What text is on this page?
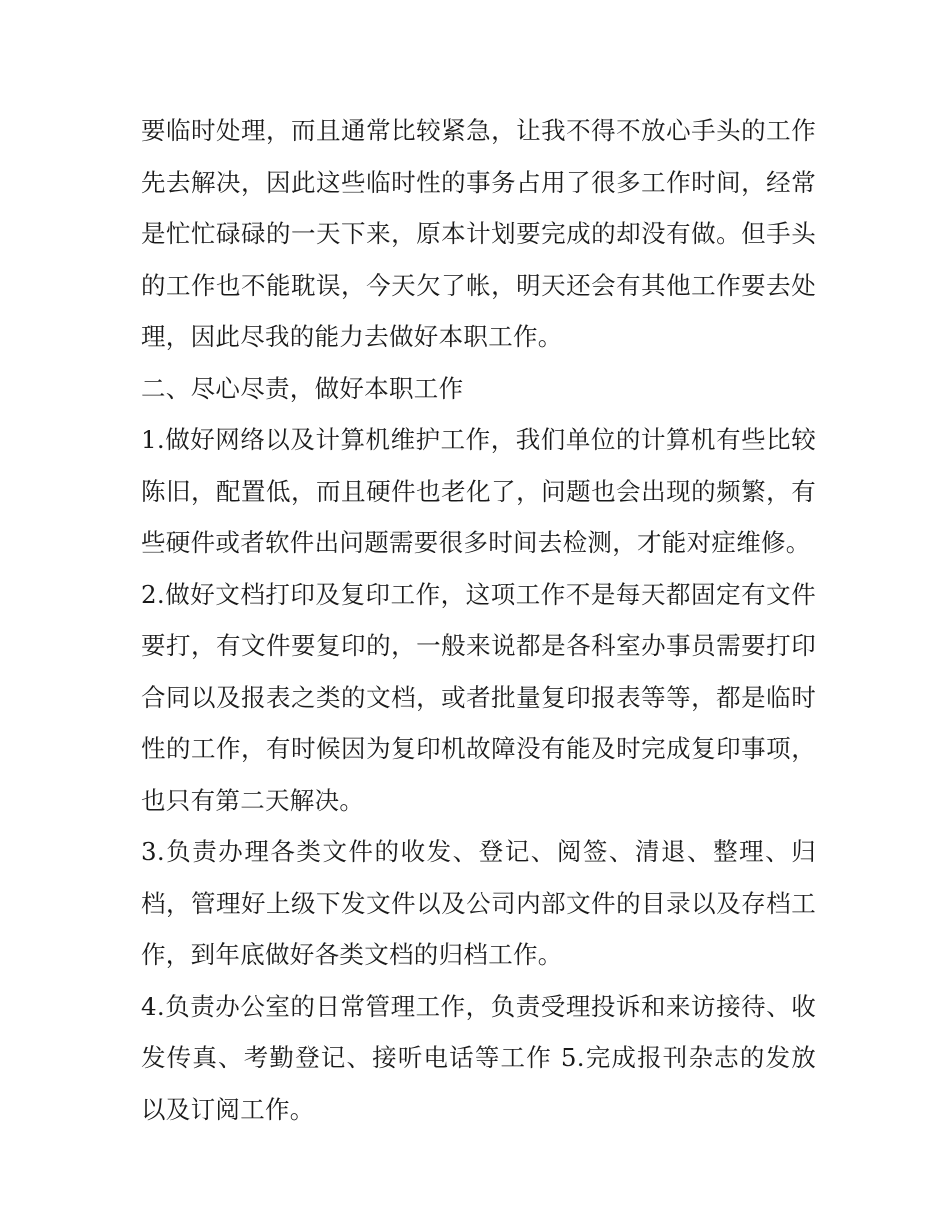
要临时处理，而且通常比较紧急，让我不得不放心手头的工作先去解决，因此这些临时性的事务占用了很多工作时间，经常是忙忙碌碌的一天下来，原本计划要完成的却没有做。但手头的工作也不能耽误，今天欠了帐，明天还会有其他工作要去处理，因此尽我的能力去做好本职工作。

二、尽心尽责，做好本职工作

1.做好网络以及计算机维护工作，我们单位的计算机有些比较陈旧，配置低，而且硬件也老化了，问题也会出现的频繁，有些硬件或者软件出问题需要很多时间去检测，才能对症维修。

2.做好文档打印及复印工作，这项工作不是每天都固定有文件要打，有文件要复印的，一般来说都是各科室办事员需要打印合同以及报表之类的文档，或者批量复印报表等等，都是临时性的工作，有时候因为复印机故障没有能及时完成复印事项，也只有第二天解决。

3.负责办理各类文件的收发、登记、阅签、清退、整理、归档，管理好上级下发文件以及公司内部文件的目录以及存档工作，到年底做好各类文档的归档工作。

4.负责办公室的日常管理工作，负责受理投诉和来访接待、收发传真、考勤登记、接听电话等工作 5.完成报刊杂志的发放以及订阅工作。
